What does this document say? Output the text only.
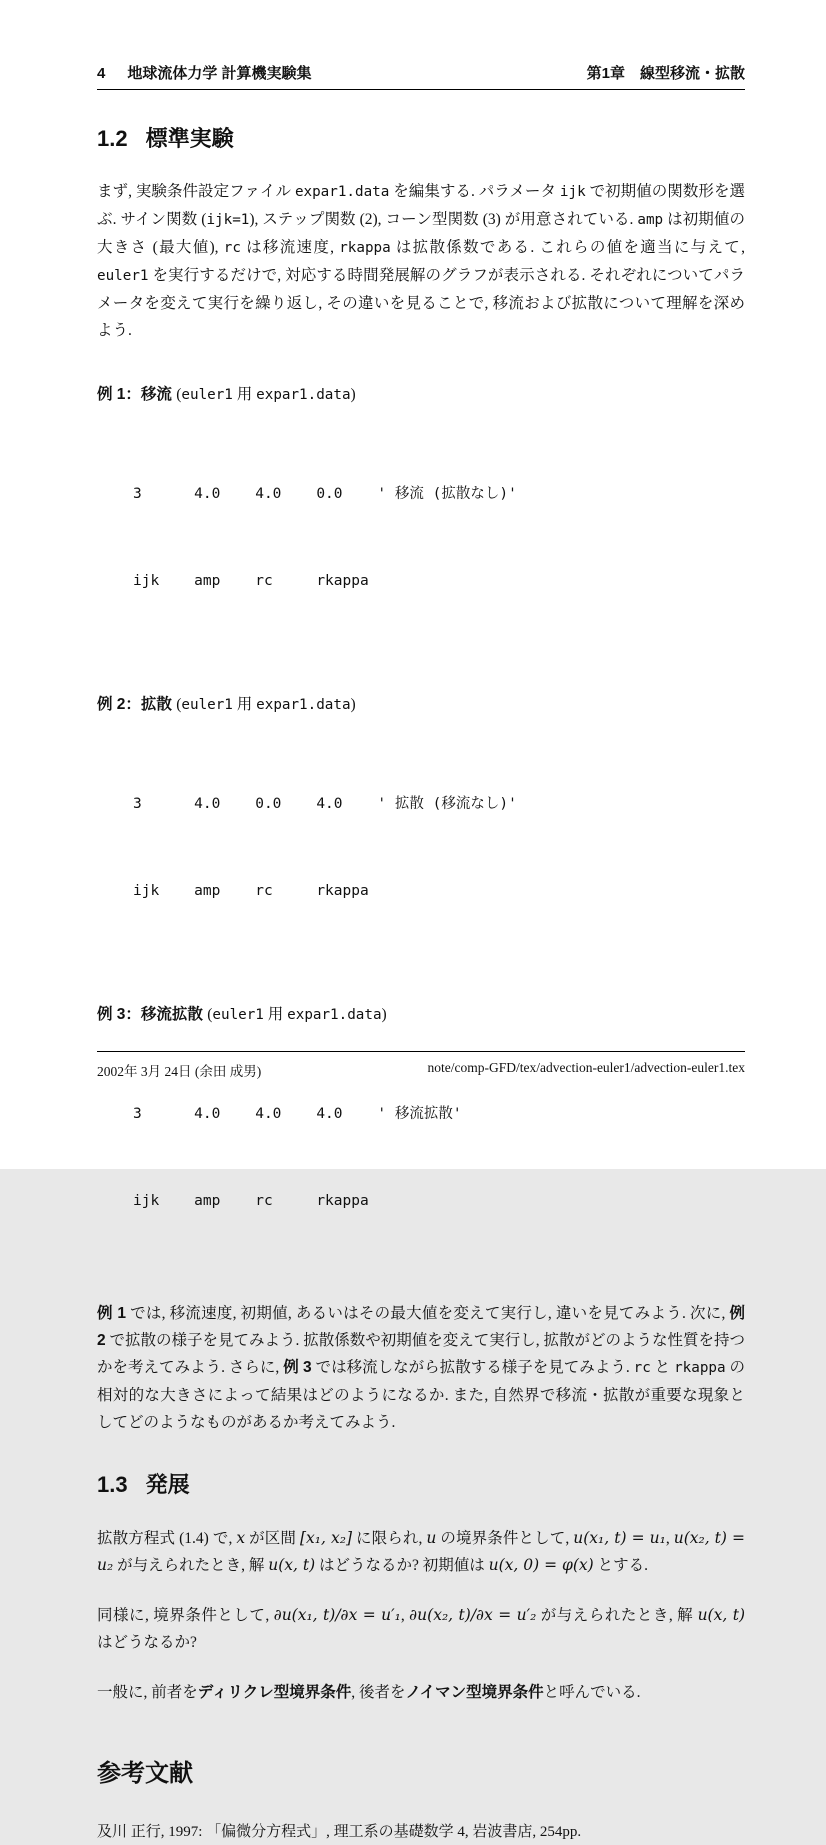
4 地球流体力学 計算機実験集	第1章　線型移流・拡散
1.2 標準実験

まず, 実験条件設定ファイル expar1.data を編集する. パラメータ ijk で初期値の関数形を選ぶ. サイン関数 (ijk=1), ステップ関数 (2), コーン型関数 (3) が用意されている. amp は初期値の大きさ (最大値), rc は移流速度, rkappa は拡散係数である. これらの値を適当に与えて, euler1 を実行するだけで, 対応する時間発展解のグラフが表示される. それぞれについてパラメータを変えて実行を繰り返し, その違いを見ることで, 移流および拡散について理解を深めよう.

例 1：移流 (euler1 用 expar1.data)

3      4.0    4.0    0.0    ' 移流 (拡散なし)'

ijk    amp    rc     rkappa

例 2：拡散 (euler1 用 expar1.data)

3      4.0    0.0    4.0    ' 拡散 (移流なし)'

ijk    amp    rc     rkappa

例 3：移流拡散 (euler1 用 expar1.data)

3      4.0    4.0    4.0    ' 移流拡散'

ijk    amp    rc     rkappa

例 1 では, 移流速度, 初期値, あるいはその最大値を変えて実行し, 違いを見てみよう. 次に, 例 2 で拡散の様子を見てみよう. 拡散係数や初期値を変えて実行し, 拡散がどのような性質を持つかを考えてみよう. さらに, 例 3 では移流しながら拡散する様子を見てみよう. rc と rkappa の相対的な大きさによって結果はどのようになるか. また, 自然界で移流・拡散が重要な現象としてどのようなものがあるか考えてみよう.

1.3 発展

拡散方程式 (1.4) で, x が区間 [x₁, x₂] に限られ, u の境界条件として, u(x₁, t) = u₁, u(x₂, t) = u₂ が与えられたとき, 解 u(x, t) はどうなるか? 初期値は u(x, 0) = φ(x) とする.

同様に, 境界条件として, ∂u(x₁, t)/∂x = u′₁, ∂u(x₂, t)/∂x = u′₂ が与えられたとき, 解 u(x, t) はどうなるか?

一般に, 前者をディリクレ型境界条件, 後者をノイマン型境界条件と呼んでいる.

参考文献
及川 正行, 1997: 「偏微分方程式」, 理工系の基礎数学 4, 岩波書店, 254pp.
2002年 3月 24日 (余田 成男)	note/comp-GFD/tex/advection-euler1/advection-euler1.tex
